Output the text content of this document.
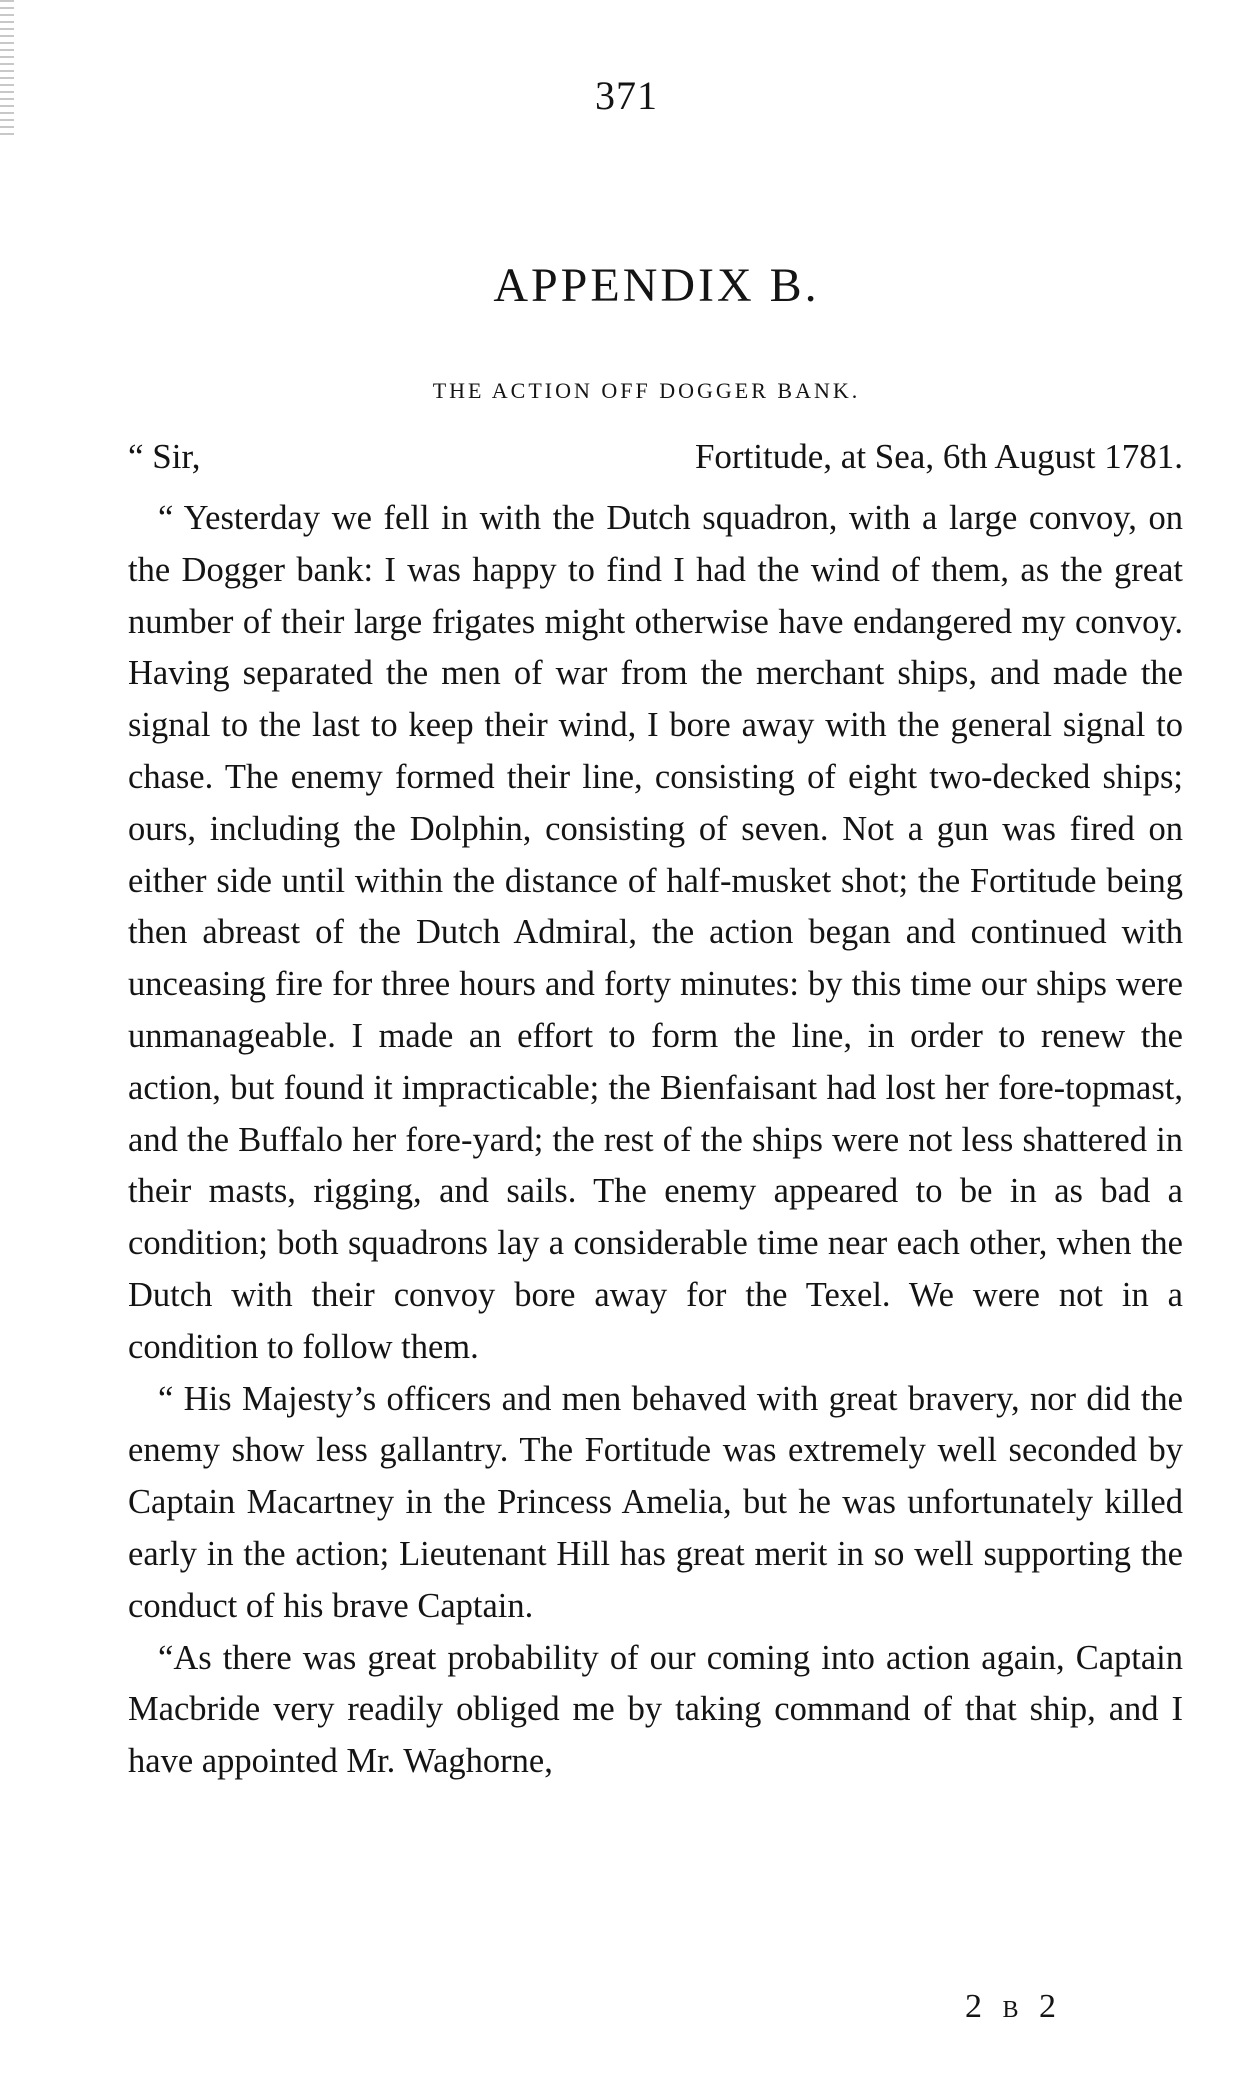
371
APPENDIX B.
THE ACTION OFF DOGGER BANK.
“ Sir,	Fortitude, at Sea, 6th August 1781.

“ Yesterday we fell in with the Dutch squadron, with a large convoy, on the Dogger bank: I was happy to find I had the wind of them, as the great number of their large frigates might otherwise have endangered my convoy. Having separated the men of war from the merchant ships, and made the signal to the last to keep their wind, I bore away with the general signal to chase. The enemy formed their line, consisting of eight two-decked ships; ours, including the Dolphin, consisting of seven. Not a gun was fired on either side until within the distance of half-musket shot; the Fortitude being then abreast of the Dutch Admiral, the action began and continued with unceasing fire for three hours and forty minutes: by this time our ships were unmanageable. I made an effort to form the line, in order to renew the action, but found it impracticable; the Bienfaisant had lost her fore-topmast, and the Buffalo her fore-yard; the rest of the ships were not less shattered in their masts, rigging, and sails. The enemy appeared to be in as bad a condition; both squadrons lay a considerable time near each other, when the Dutch with their convoy bore away for the Texel. We were not in a condition to follow them.

“ His Majesty’s officers and men behaved with great bravery, nor did the enemy show less gallantry. The Fortitude was extremely well seconded by Captain Macartney in the Princess Amelia, but he was unfortunately killed early in the action; Lieutenant Hill has great merit in so well supporting the conduct of his brave Captain.

“As there was great probability of our coming into action again, Captain Macbride very readily obliged me by taking command of that ship, and I have appointed Mr. Waghorne,

2 B 2
